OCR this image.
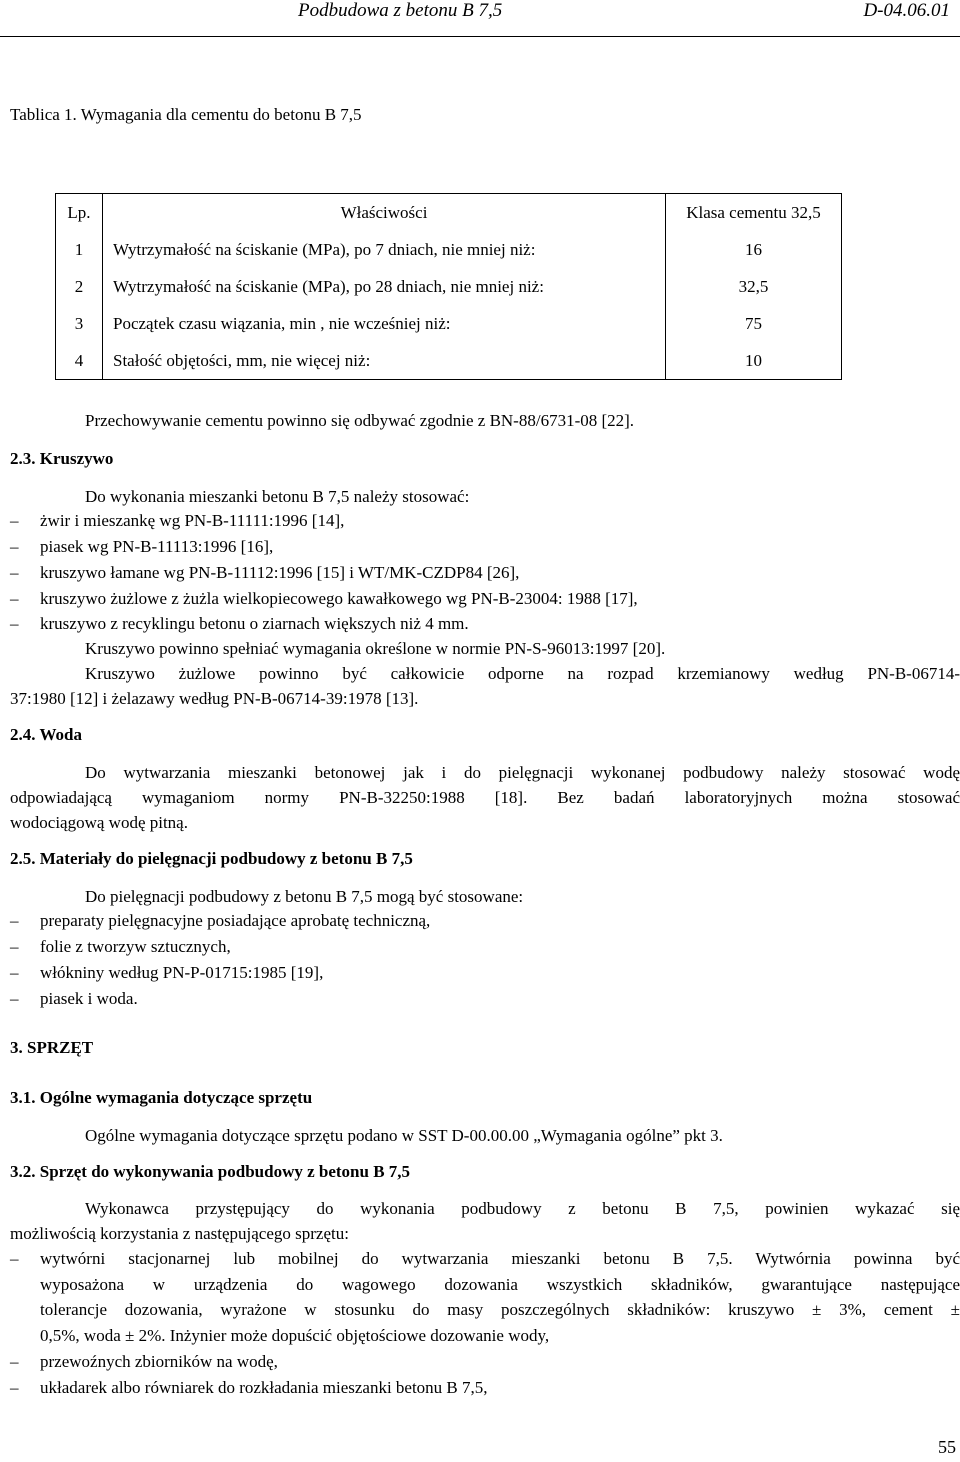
Podbudowa z betonu B 7,5	D-04.06.01
Tablica 1. Wymagania dla cementu do betonu B 7,5
Lp.	Właściwości	Klasa cementu 32,5
1	Wytrzymałość na ściskanie (MPa), po 7 dniach, nie mniej niż:	16
2	Wytrzymałość na ściskanie (MPa), po 28 dniach, nie mniej niż:	32,5
3	Początek czasu wiązania, min , nie wcześniej niż:	75
4	Stałość objętości, mm, nie więcej niż:	10
Przechowywanie cementu powinno się odbywać zgodnie z BN-88/6731-08 [22].
2.3. Kruszywo
Do wykonania mieszanki betonu B 7,5 należy stosować:
– żwir i mieszankę wg PN-B-11111:1996 [14],
– piasek wg PN-B-11113:1996 [16],
– kruszywo łamane wg PN-B-11112:1996 [15] i WT/MK-CZDP84 [26],
– kruszywo żużlowe z żużla wielkopiecowego kawałkowego wg PN-B-23004: 1988 [17],
– kruszywo z recyklingu betonu o ziarnach większych niż 4 mm.
Kruszywo powinno spełniać wymagania określone w normie PN-S-96013:1997 [20].
Kruszywo żużlowe powinno być całkowicie odporne na rozpad krzemianowy według PN-B-06714-
37:1980 [12] i żelazawy według PN-B-06714-39:1978 [13].
2.4. Woda
Do wytwarzania mieszanki betonowej jak i do pielęgnacji wykonanej podbudowy należy stosować wodę
odpowiadającą wymaganiom normy PN-B-32250:1988 [18]. Bez badań laboratoryjnych można stosować
wodociągową wodę pitną.
2.5. Materiały do pielęgnacji podbudowy z betonu B 7,5
Do pielęgnacji podbudowy z betonu B 7,5 mogą być stosowane:
– preparaty pielęgnacyjne posiadające aprobatę techniczną,
– folie z tworzyw sztucznych,
– włókniny według PN-P-01715:1985 [19],
– piasek i woda.
3. SPRZĘT
3.1. Ogólne wymagania dotyczące sprzętu
Ogólne wymagania dotyczące sprzętu podano w SST D-00.00.00 „Wymagania ogólne” pkt 3.
3.2. Sprzęt do wykonywania podbudowy z betonu B 7,5
Wykonawca przystępujący do wykonania podbudowy z betonu B 7,5, powinien wykazać się
możliwością korzystania z następującego sprzętu:
– wytwórni stacjonarnej lub mobilnej do wytwarzania mieszanki betonu B 7,5. Wytwórnia powinna być
wyposażona w urządzenia do wagowego dozowania wszystkich składników, gwarantujące następujące
tolerancje dozowania, wyrażone w stosunku do masy poszczególnych składników: kruszywo ± 3%, cement ±
0,5%, woda ± 2%. Inżynier może dopuścić objętościowe dozowanie wody,
– przewoźnych zbiorników na wodę,
– układarek albo równiarek do rozkładania mieszanki betonu B 7,5,
55
